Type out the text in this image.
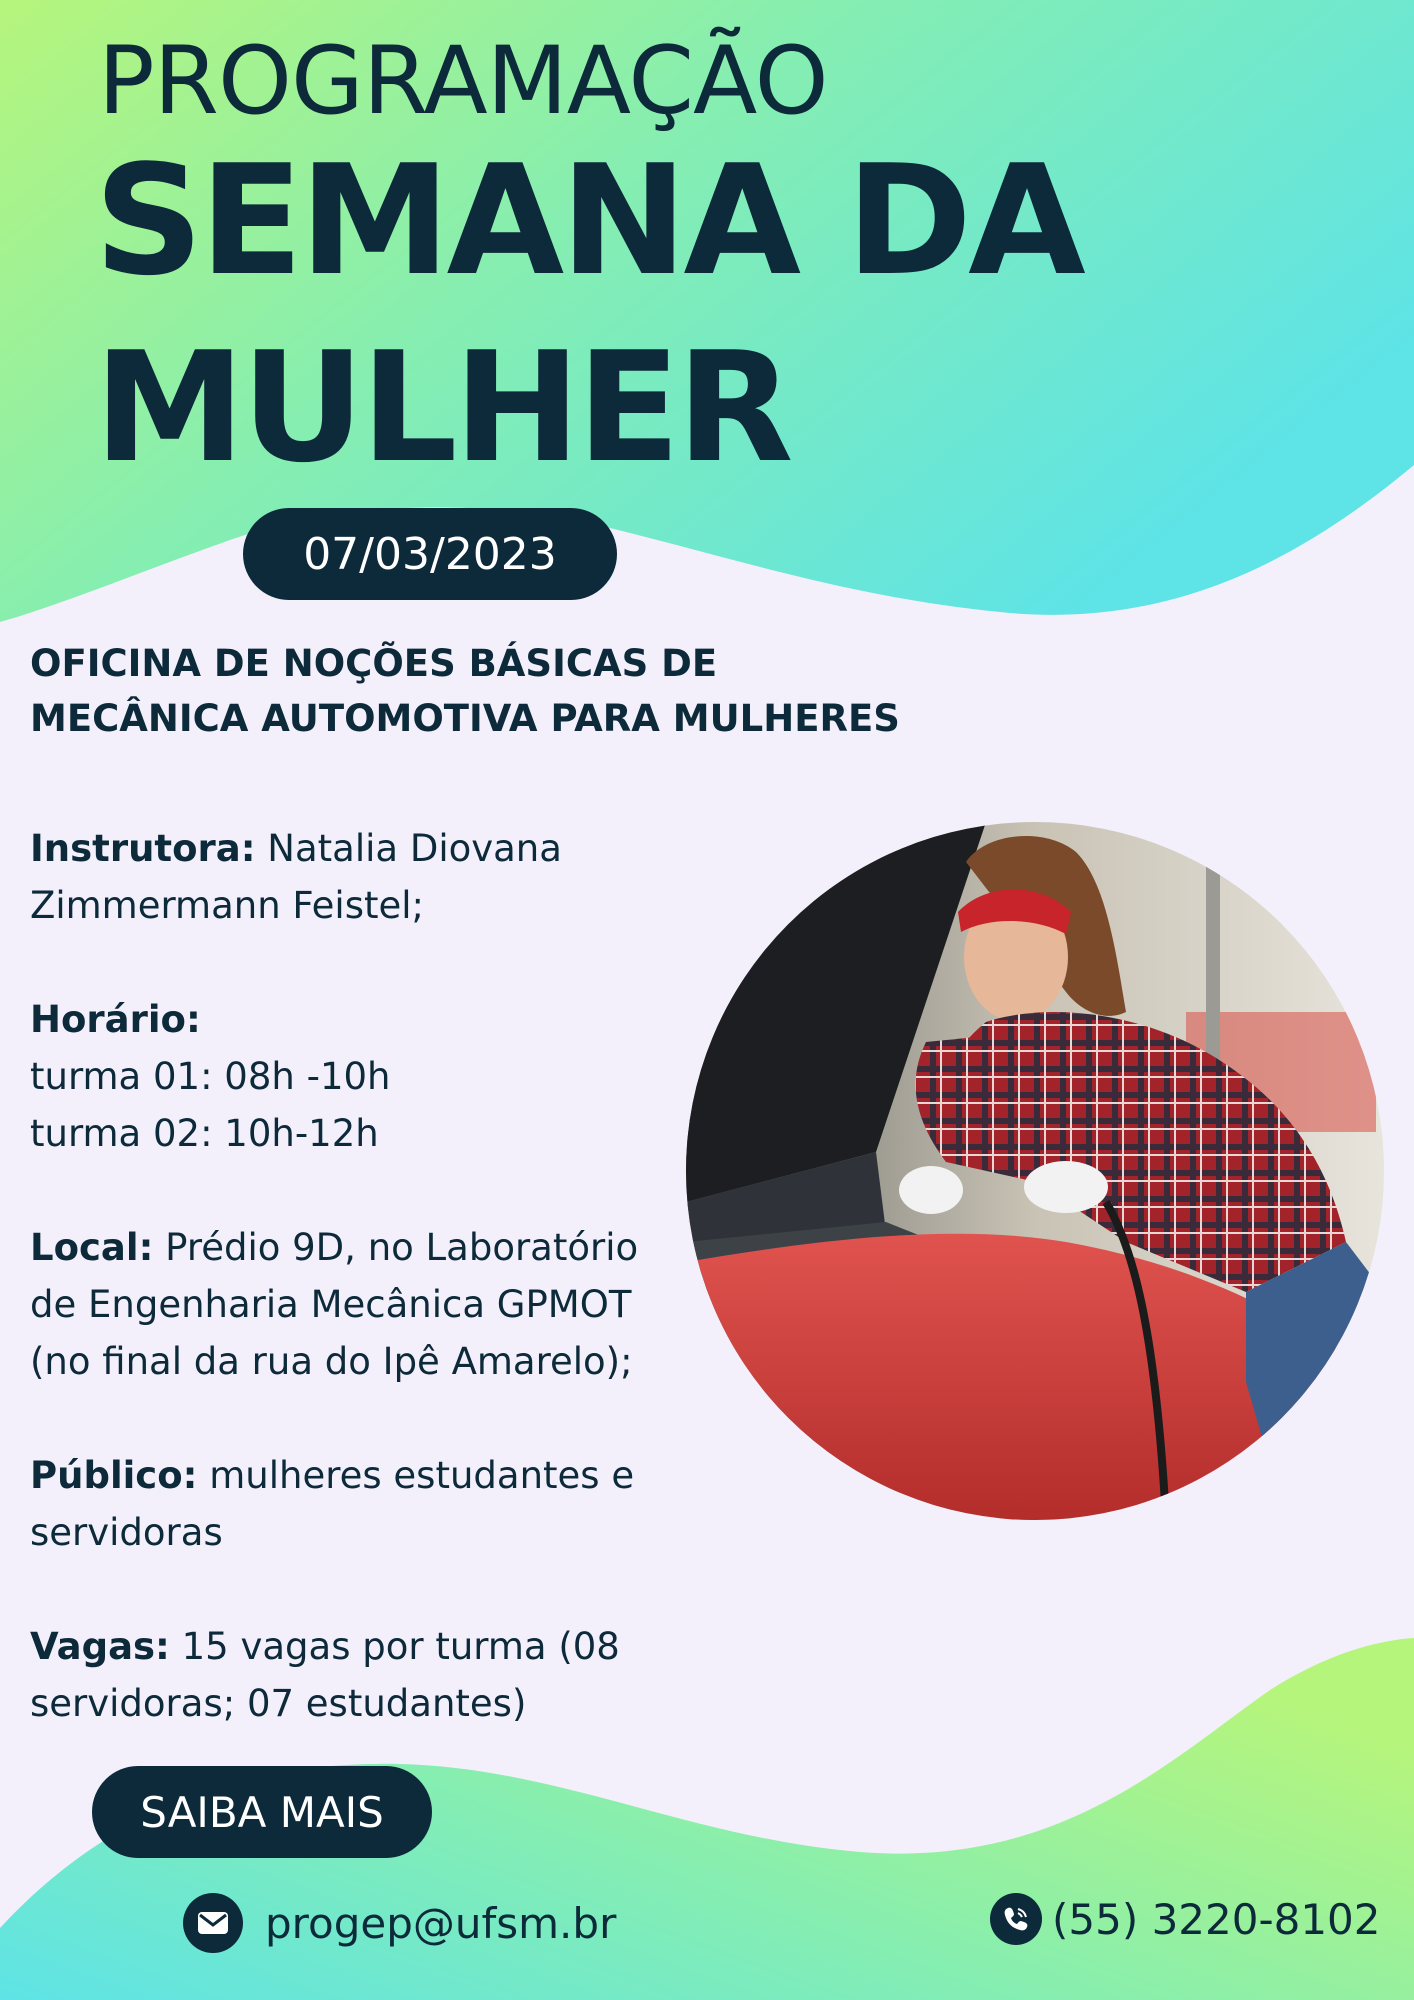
PROGRAMAÇÃO
SEMANA DA
MULHER
07/03/2023
OFICINA DE NOÇÕES BÁSICAS DE
MECÂNICA AUTOMOTIVA PARA MULHERES

Instrutora: Natalia Diovana Zimmermann Feistel;

Horário:
turma 01: 08h -10h
turma 02: 10h-12h

Local: Prédio 9D, no Laboratório de Engenharia Mecânica GPMOT (no final da rua do Ipê Amarelo);

Público: mulheres estudantes e servidoras

Vagas: 15 vagas por turma (08 servidoras; 07 estudantes)

SAIBA MAIS
progep@ufsm.br	(55) 3220-8102
